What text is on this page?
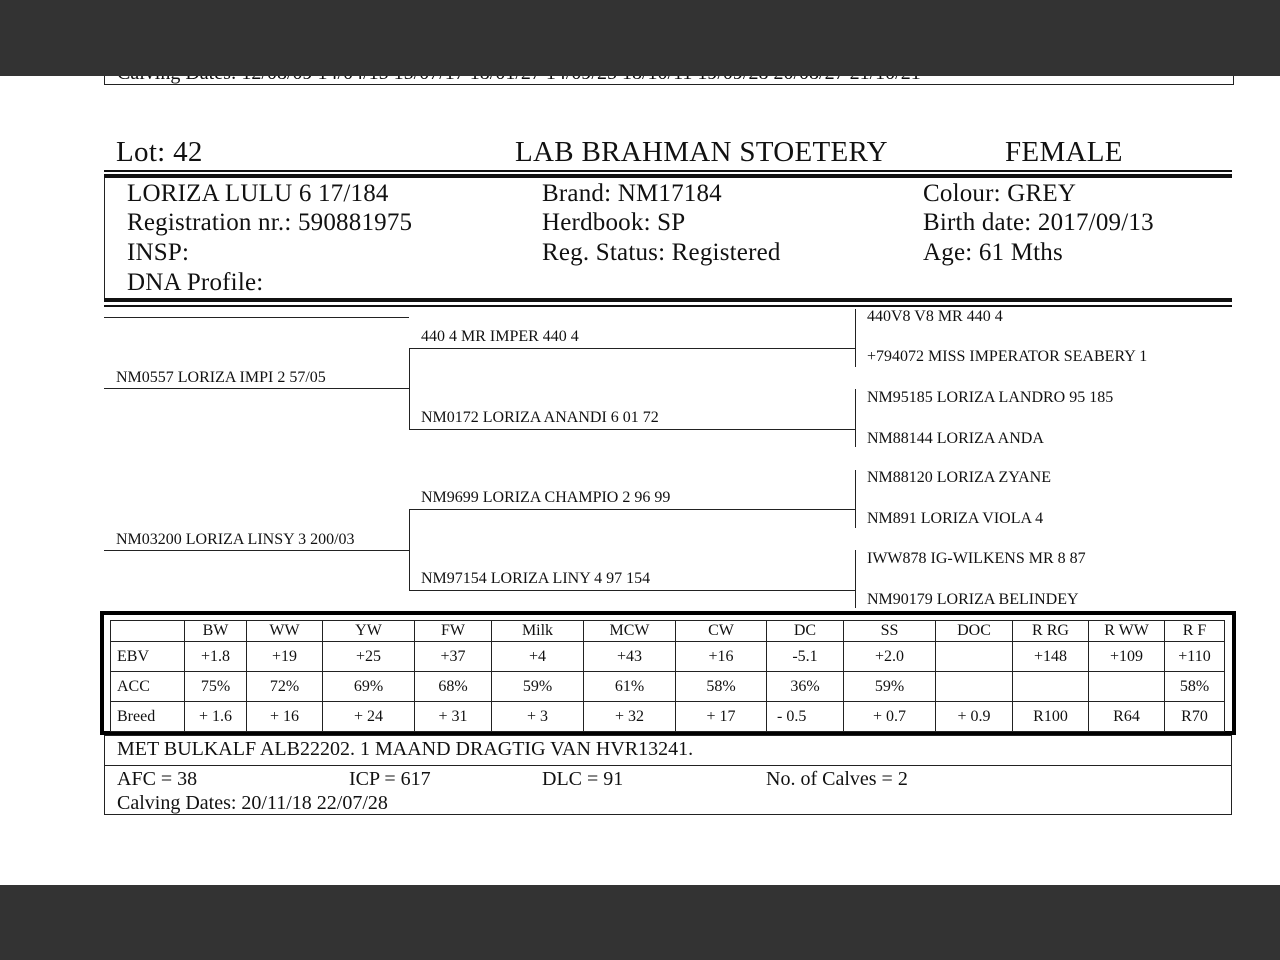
Lot: 42	LAB BRAHMAN STOETERY	FEMALE
LORIZA LULU 6 17/184
Registration nr.: 590881975
INSP:
DNA Profile:
Brand: NM17184
Herdbook: SP
Reg. Status: Registered
Colour: GREY
Birth date: 2017/09/13
Age: 61 Mths
NM0557 LORIZA IMPI 2 57/05
NM03200 LORIZA LINSY 3 200/03
440 4 MR IMPER 440 4
NM0172 LORIZA ANANDI 6 01 72
NM9699 LORIZA CHAMPIO 2 96 99
NM97154 LORIZA LINY 4 97 154
440V8 V8 MR 440 4
+794072 MISS IMPERATOR SEABERY 1
NM95185 LORIZA LANDRO 95 185
NM88144 LORIZA ANDA
NM88120 LORIZA ZYANE
NM891 LORIZA VIOLA 4
IWW878 IG-WILKENS MR 8 87
NM90179 LORIZA BELINDEY
	BW	WW	YW	FW	Milk	MCW	CW	DC	SS	DOC	R RG	R WW	R F
EBV	+1.8	+19	+25	+37	+4	+43	+16	-5.1	+2.0		+148	+109	+110
ACC	75%	72%	69%	68%	59%	61%	58%	36%	59%				58%
Breed	+ 1.6	+ 16	+ 24	+ 31	+ 3	+ 32	+ 17	- 0.5	+ 0.7	+ 0.9	R100	R64	R70
MET BULKALF ALB22202. 1 MAAND DRAGTIG VAN HVR13241.
AFC = 38	ICP = 617	DLC = 91	No. of Calves = 2
Calving Dates: 20/11/18 22/07/28
